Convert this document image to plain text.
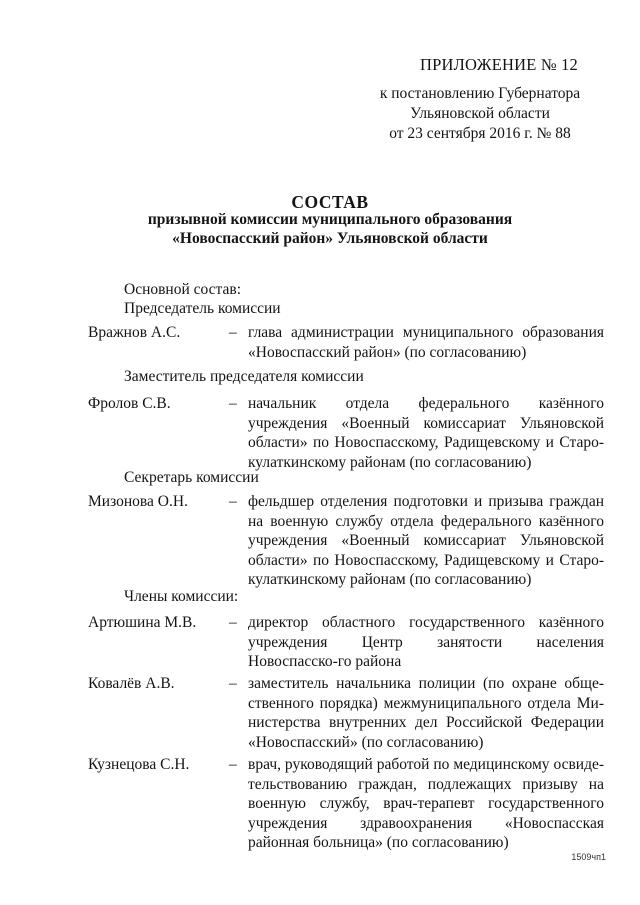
ПРИЛОЖЕНИЕ № 12
к постановлению Губернатора
Ульяновской области
от 23 сентября 2016 г. № 88
СОСТАВ
призывной комиссии муниципального образования
«Новоспасский район» Ульяновской области
Основной состав:
Председатель комиссии
Вражнов А.С.	– глава администрации муниципального образования «Новоспасский район» (по согласованию)
Заместитель председателя комиссии
Фролов С.В.	– начальник отдела федерального казённого учреждения «Военный комиссариат Ульяновской области» по Новоспасскому, Радищевскому и Старо-кулаткинскому районам (по согласованию)
Секретарь комиссии
Мизонова О.Н.	– фельдшер отделения подготовки и призыва граждан на военную службу отдела федерального казённого учреждения «Военный комиссариат Ульяновской области» по Новоспасскому, Радищевскому и Старо-кулаткинскому районам (по согласованию)
Члены комиссии:
Артюшина М.В. – директор областного государственного казённого учреждения Центр занятости населения Новоспасско-го района
Ковалёв А.В.	– заместитель начальника полиции (по охране обще-ственного порядка) межмуниципального отдела Ми-нистерства внутренних дел Российской Федерации «Новоспасский» (по согласованию)
Кузнецова С.Н.	– врач, руководящий работой по медицинскому освиде-тельствованию граждан, подлежащих призыву на военную службу, врач-терапевт государственного учреждения здравоохранения «Новоспасская районная больница» (по согласованию)
1509чп1
